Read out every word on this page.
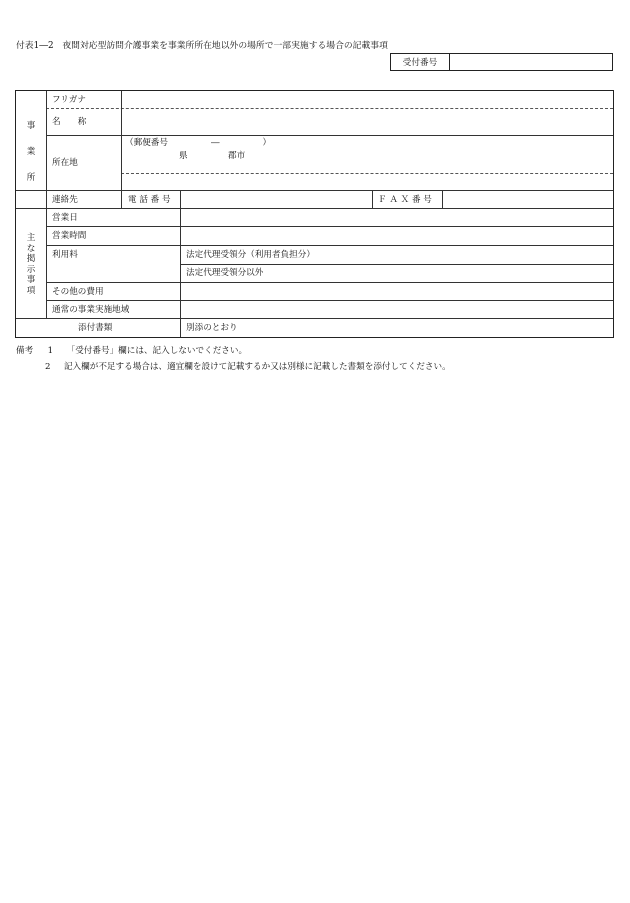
付表1―2　夜間対応型訪問介護事業を事業所所在地以外の場所で一部実施する場合の記載事項
受付番号
事
業
所
フリガナ
名　　称
所在地
（郵便番号　　　　　―　　　　　）
県	郡市
連絡先	電 話 番 号	Ｆ Ａ Ｘ 番 号
主
な
掲
示
事
項
営業日
営業時間
利用料	法定代理受領分（利用者負担分）
法定代理受領分以外
その他の費用
通常の事業実施地域
添付書類	別添のとおり
備考 1 「受付番号」欄には、記入しないでください。
2 記入欄が不足する場合は、適宜欄を設けて記載するか又は別様に記載した書類を添付してください。
